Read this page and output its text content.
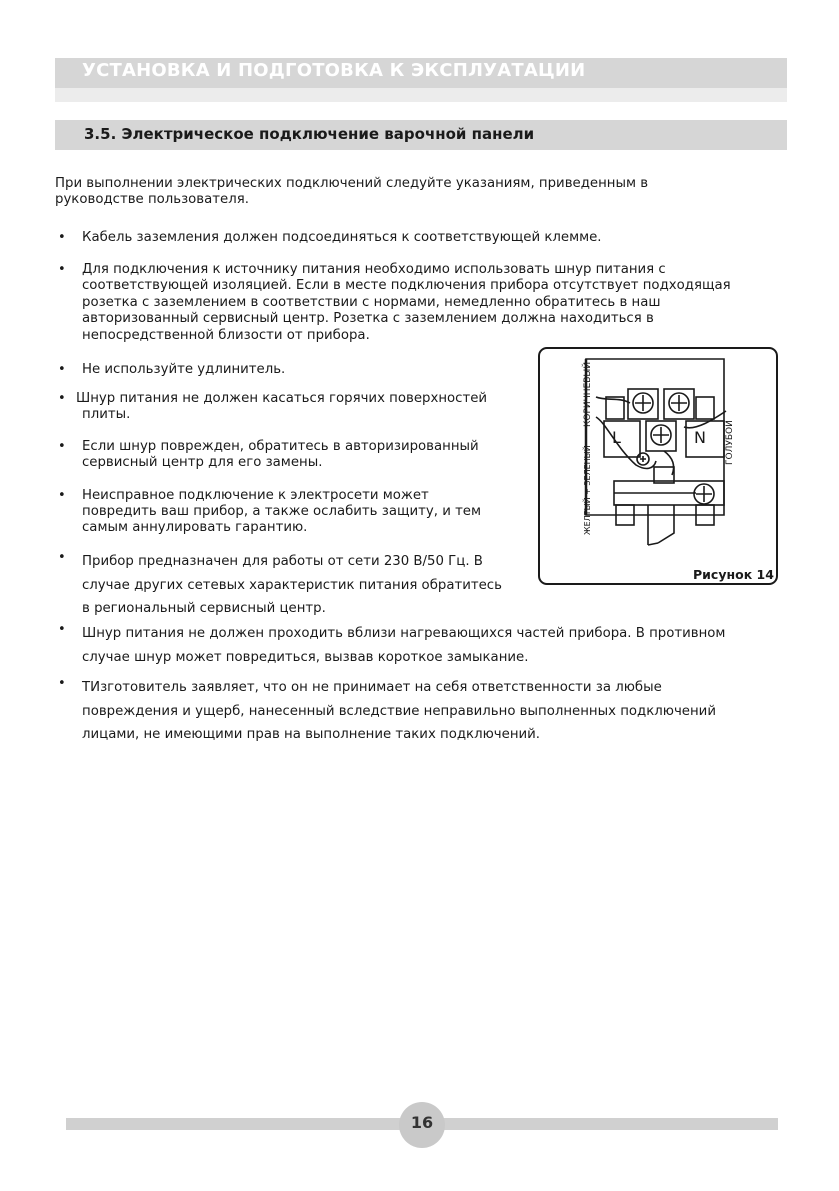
УСТАНОВКА И ПОДГОТОВКА К ЭКСПЛУАТАЦИИ
3.5. Электрическое подключение варочной панели
При выполнении электрических подключений следуйте указаниям, приведенным в
руководстве пользователя.
• Кабель заземления должен подсоединяться к соответствующей клемме.
• Для подключения к источнику питания необходимо использовать шнур питания с
соответствующей изоляцией. Если в месте подключения прибора отсутствует подходящая
розетка с заземлением в соответствии с нормами, немедленно обратитесь в наш
авторизованный сервисный центр. Розетка с заземлением должна находиться в
непосредственной близости от прибора.
• Не используйте удлинитель.
• Шнур питания не должен касаться горячих поверхностей
плиты.
• Если шнур поврежден, обратитесь в авторизированный
сервисный центр для его замены.
• Неисправное подключение к электросети может
повредить ваш прибор, а также ослабить защиту, и тем
самым аннулировать гарантию.
• Прибор предназначен для работы от сети 230 В/50 Гц. В
случае других сетевых характеристик питания обратитесь
в региональный сервисный центр.
• Шнур питания не должен проходить вблизи нагревающихся частей прибора. В противном
случае шнур может повредиться, вызвав короткое замыкание.
• ТИзготовитель заявляет, что он не принимает на себя ответственности за любые
повреждения и ущерб, нанесенный вследствие неправильно выполненных подключений
лицами, не имеющими прав на выполнение таких подключений.
L	N
ЖЕЛТЫЙ + ЗЕЛЕНЫЙ
КОРИЧНЕВЫЙ
ГОЛУБОЙ
Рисунок 14
16
